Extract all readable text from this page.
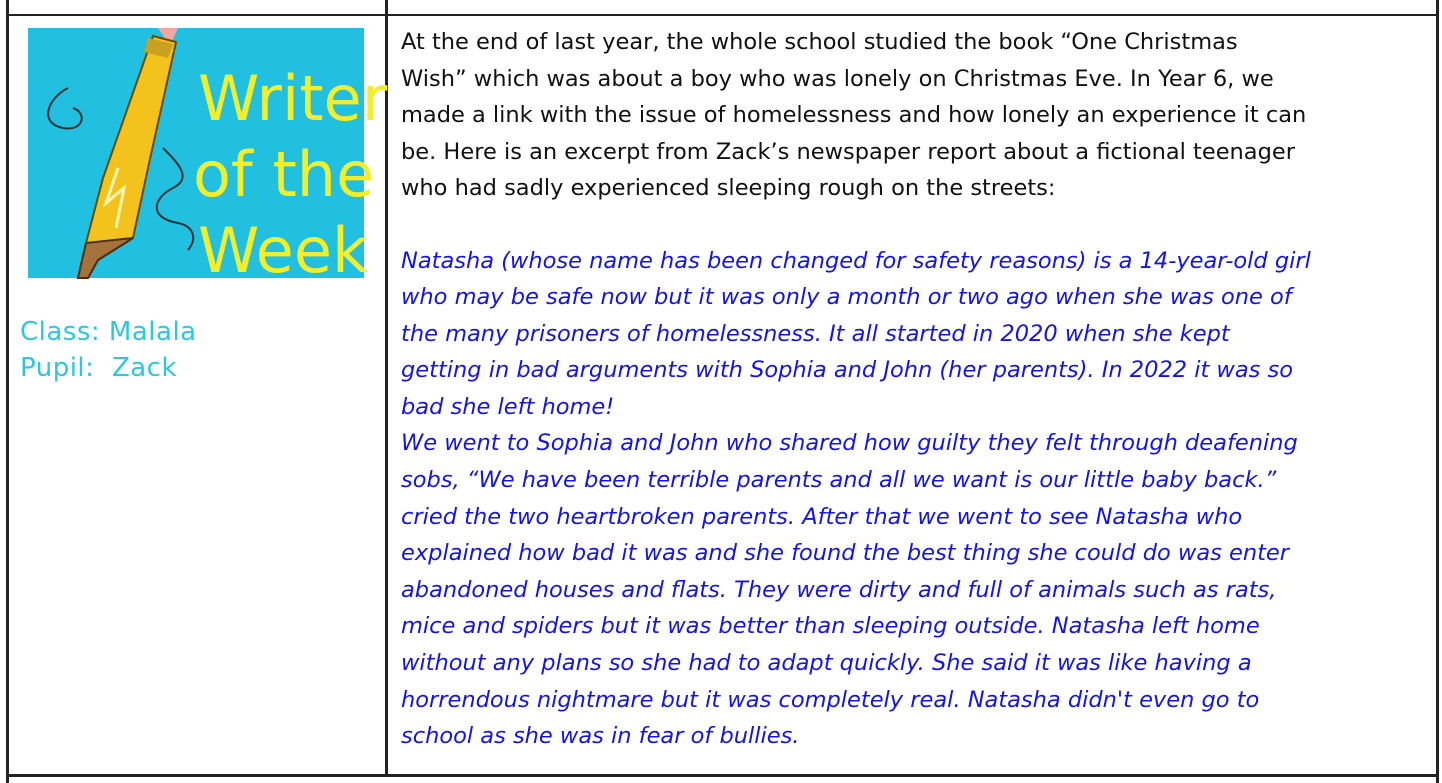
Writer
of the
Week
Class: Malala
Pupil:  Zack

At the end of last year, the whole school studied the book “One Christmas
Wish” which was about a boy who was lonely on Christmas Eve. In Year 6, we
made a link with the issue of homelessness and how lonely an experience it can
be. Here is an excerpt from Zack’s newspaper report about a fictional teenager
who had sadly experienced sleeping rough on the streets:

Natasha (whose name has been changed for safety reasons) is a 14-year-old girl
who may be safe now but it was only a month or two ago when she was one of
the many prisoners of homelessness. It all started in 2020 when she kept
getting in bad arguments with Sophia and John (her parents). In 2022 it was so
bad she left home!
We went to Sophia and John who shared how guilty they felt through deafening
sobs, “We have been terrible parents and all we want is our little baby back.”
cried the two heartbroken parents. After that we went to see Natasha who
explained how bad it was and she found the best thing she could do was enter
abandoned houses and flats. They were dirty and full of animals such as rats,
mice and spiders but it was better than sleeping outside. Natasha left home
without any plans so she had to adapt quickly. She said it was like having a
horrendous nightmare but it was completely real. Natasha didn't even go to
school as she was in fear of bullies.
